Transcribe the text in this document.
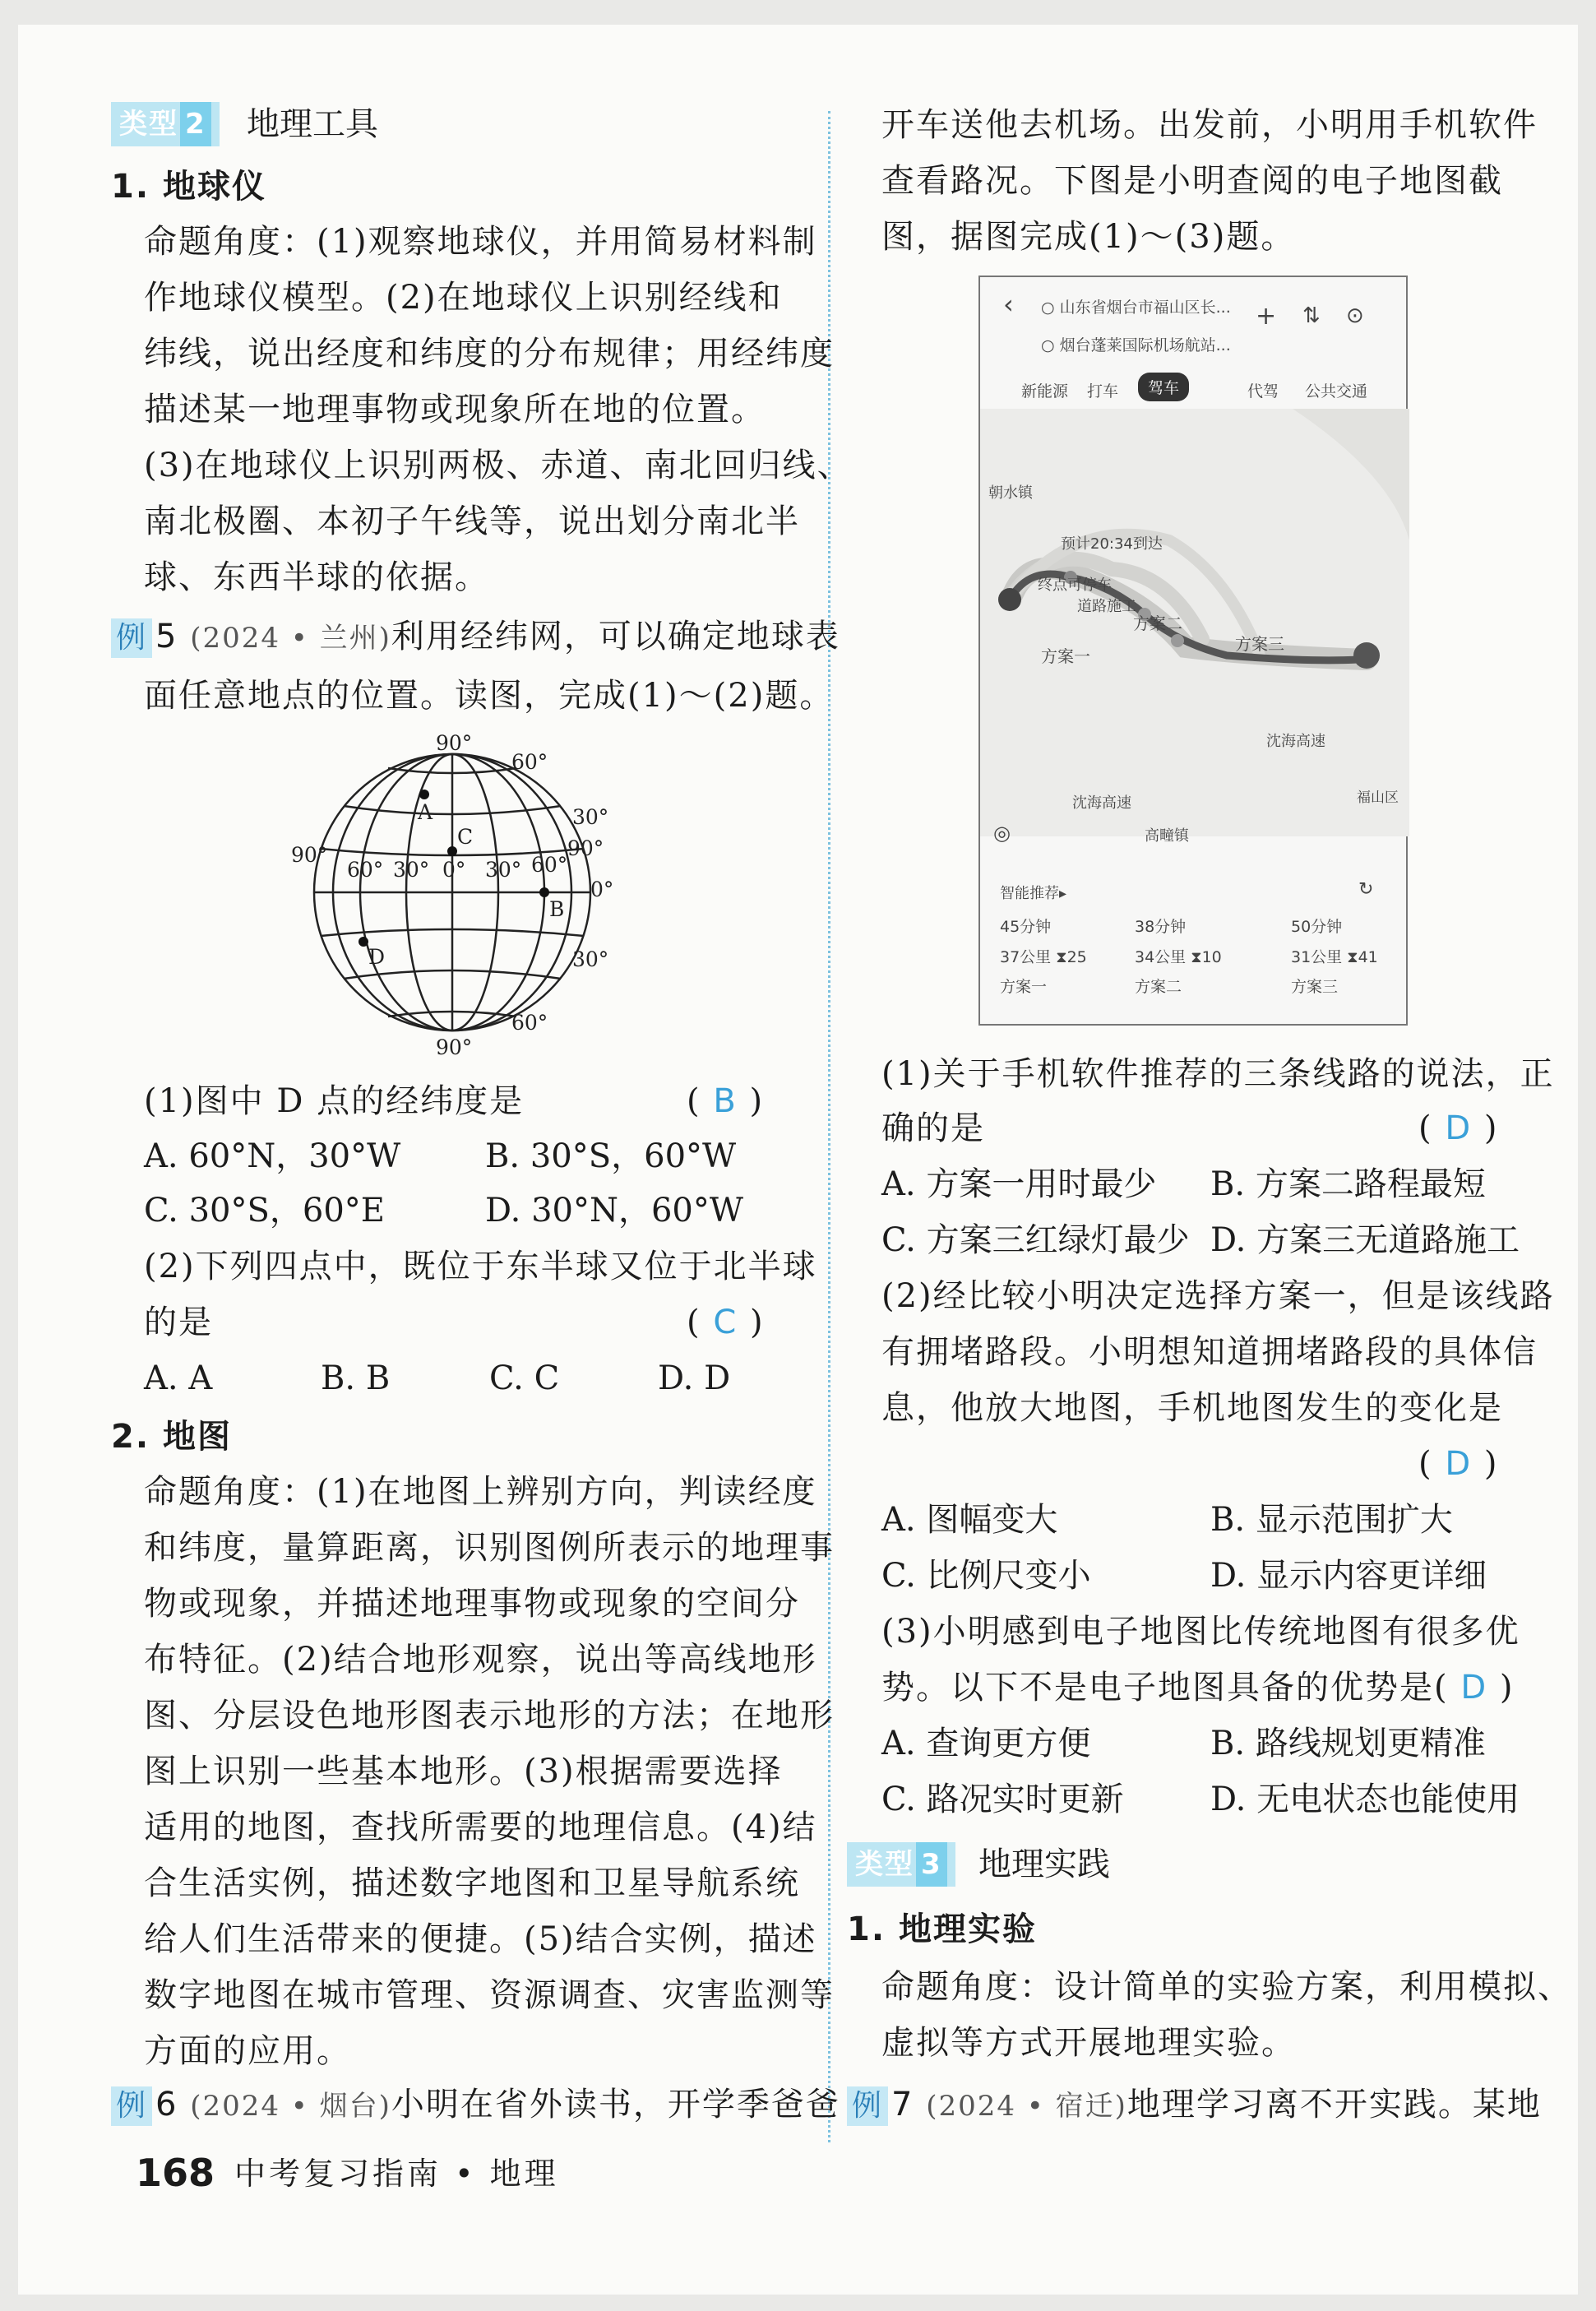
类型 2	地理工具
1. 地球仪
命题角度：(1)观察地球仪，并用简易材料制
作地球仪模型。(2)在地球仪上识别经线和
纬线，说出经度和纬度的分布规律；用经纬度
描述某一地理事物或现象所在地的位置。
(3)在地球仪上识别两极、赤道、南北回归线、
南北极圈、本初子午线等，说出划分南北半
球、东西半球的依据。
例 5 (2024 • 兰州)利用经纬网，可以确定地球表
面任意地点的位置。读图，完成(1)～(2)题。
90°
90°
90°
60°
30°
90°
0°
30°
60°
60° 30° 0° 30° 60°
A
C
B
D
(1)图中 D 点的经纬度是	( B )
A. 60°N，30°W	B. 30°S，60°W
C. 30°S，60°E	D. 30°N，60°W
(2)下列四点中，既位于东半球又位于北半球
的是	( C )
A. A	B. B	C. C	D. D
2. 地图
命题角度：(1)在地图上辨别方向，判读经度
和纬度，量算距离，识别图例所表示的地理事
物或现象，并描述地理事物或现象的空间分
布特征。(2)结合地形观察，说出等高线地形
图、分层设色地形图表示地形的方法；在地形
图上识别一些基本地形。(3)根据需要选择
适用的地图，查找所需要的地理信息。(4)结
合生活实例，描述数字地图和卫星导航系统
给人们生活带来的便捷。(5)结合实例，描述
数字地图在城市管理、资源调查、灾害监测等
方面的应用。
例 6 (2024 • 烟台)小明在省外读书，开学季爸爸
开车送他去机场。出发前，小明用手机软件
查看路况。下图是小明查阅的电子地图截
图，据图完成(1)～(3)题。
‹ ○ 山东省烟台市福山区长...
○ 烟台蓬莱国际机场航站...
+ ⇅ ⊙
新能源 打车	驾车	代驾 公共交通
朝水镇
预计20:34到达
终点可停车
道路施工
方案一
方案二
方案三
沈海高速
沈海高速	福山区
高疃镇
◎
智能推荐▸	↻
45分钟
37公里 ⧗25
方案一
38分钟
34公里 ⧗10
方案二
50分钟
31公里 ⧗41
方案三
(1)关于手机软件推荐的三条线路的说法，正
确的是	( D )
A. 方案一用时最少 B. 方案二路程最短
C. 方案三红绿灯最少 D. 方案三无道路施工
(2)经比较小明决定选择方案一，但是该线路
有拥堵路段。小明想知道拥堵路段的具体信
息，他放大地图，手机地图发生的变化是
( D )
A. 图幅变大	B. 显示范围扩大
C. 比例尺变小	D. 显示内容更详细
(3)小明感到电子地图比传统地图有很多优
势。以下不是电子地图具备的优势是( D )
A. 查询更方便	B. 路线规划更精准
C. 路况实时更新	D. 无电状态也能使用
类型 3	地理实践
1. 地理实验
命题角度：设计简单的实验方案，利用模拟、
虚拟等方式开展地理实验。
例 7 (2024 • 宿迁)地理学习离不开实践。某地
168 中考复习指南 • 地理
